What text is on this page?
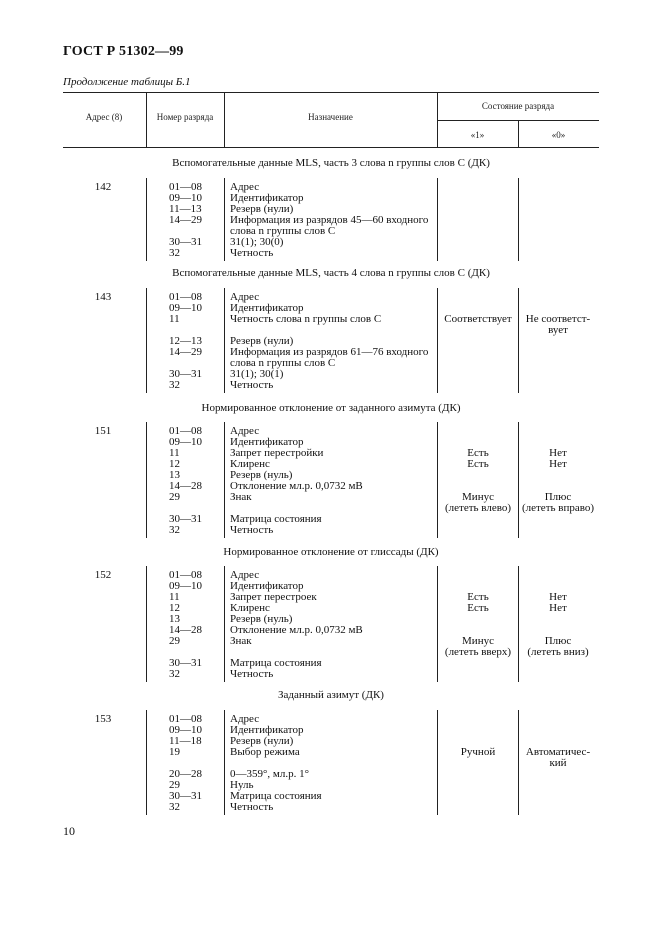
ГОСТ Р 51302—99
Продолжение таблицы Б.1
Адрес (8)	Номер разряда	Назначение
Состояние разряда
«1»	«0»
Вспомогательные данные MLS, часть 3 слова n группы слов С (ДК)
142	01—08	Адрес
09—10	Идентификатор
11—13	Резерв (нули)
14—29	Информация из разрядов 45—60 входного
слова n группы слов С
30—31	31(1); 30(0)
32	Четность
Вспомогательные данные MLS, часть 4 слова n группы слов С (ДК)
143	01—08	Адрес
09—10	Идентификатор
11	Четность слова n группы слов С	Соответствует	Не соответст-
вует
12—13	Резерв (нули)
14—29	Информация из разрядов 61—76 входного
слова n группы слов С
30—31	31(1); 30(1)
32	Четность
Нормированное отклонение от заданного азимута (ДК)
151	01—08	Адрес
09—10	Идентификатор
11	Запрет перестройки	Есть	Нет
12	Клиренс	Есть	Нет
13	Резерв (нуль)
14—28	Отклонение мл.р. 0,0732 мВ
29	Знак	Минус	Плюс
(лететь влево) (лететь вправо)
30—31	Матрица состояния
32	Четность
Нормированное отклонение от глиссады (ДК)
152	01—08	Адрес
09—10	Идентификатор
11	Запрет перестроек	Есть	Нет
12	Клиренс	Есть	Нет
13	Резерв (нуль)
14—28	Отклонение мл.р. 0,0732 мВ
29	Знак	Минус	Плюс
(лететь вверх)	(лететь вниз)
30—31	Матрица состояния
32	Четность
Заданный азимут (ДК)
153	01—08	Адрес
09—10	Идентификатор
11—18	Резерв (нули)
19	Выбор режима	Ручной	Автоматичес-
кий
20—28	0—359°, мл.р. 1°
29	Нуль
30—31	Матрица состояния
32	Четность
10
